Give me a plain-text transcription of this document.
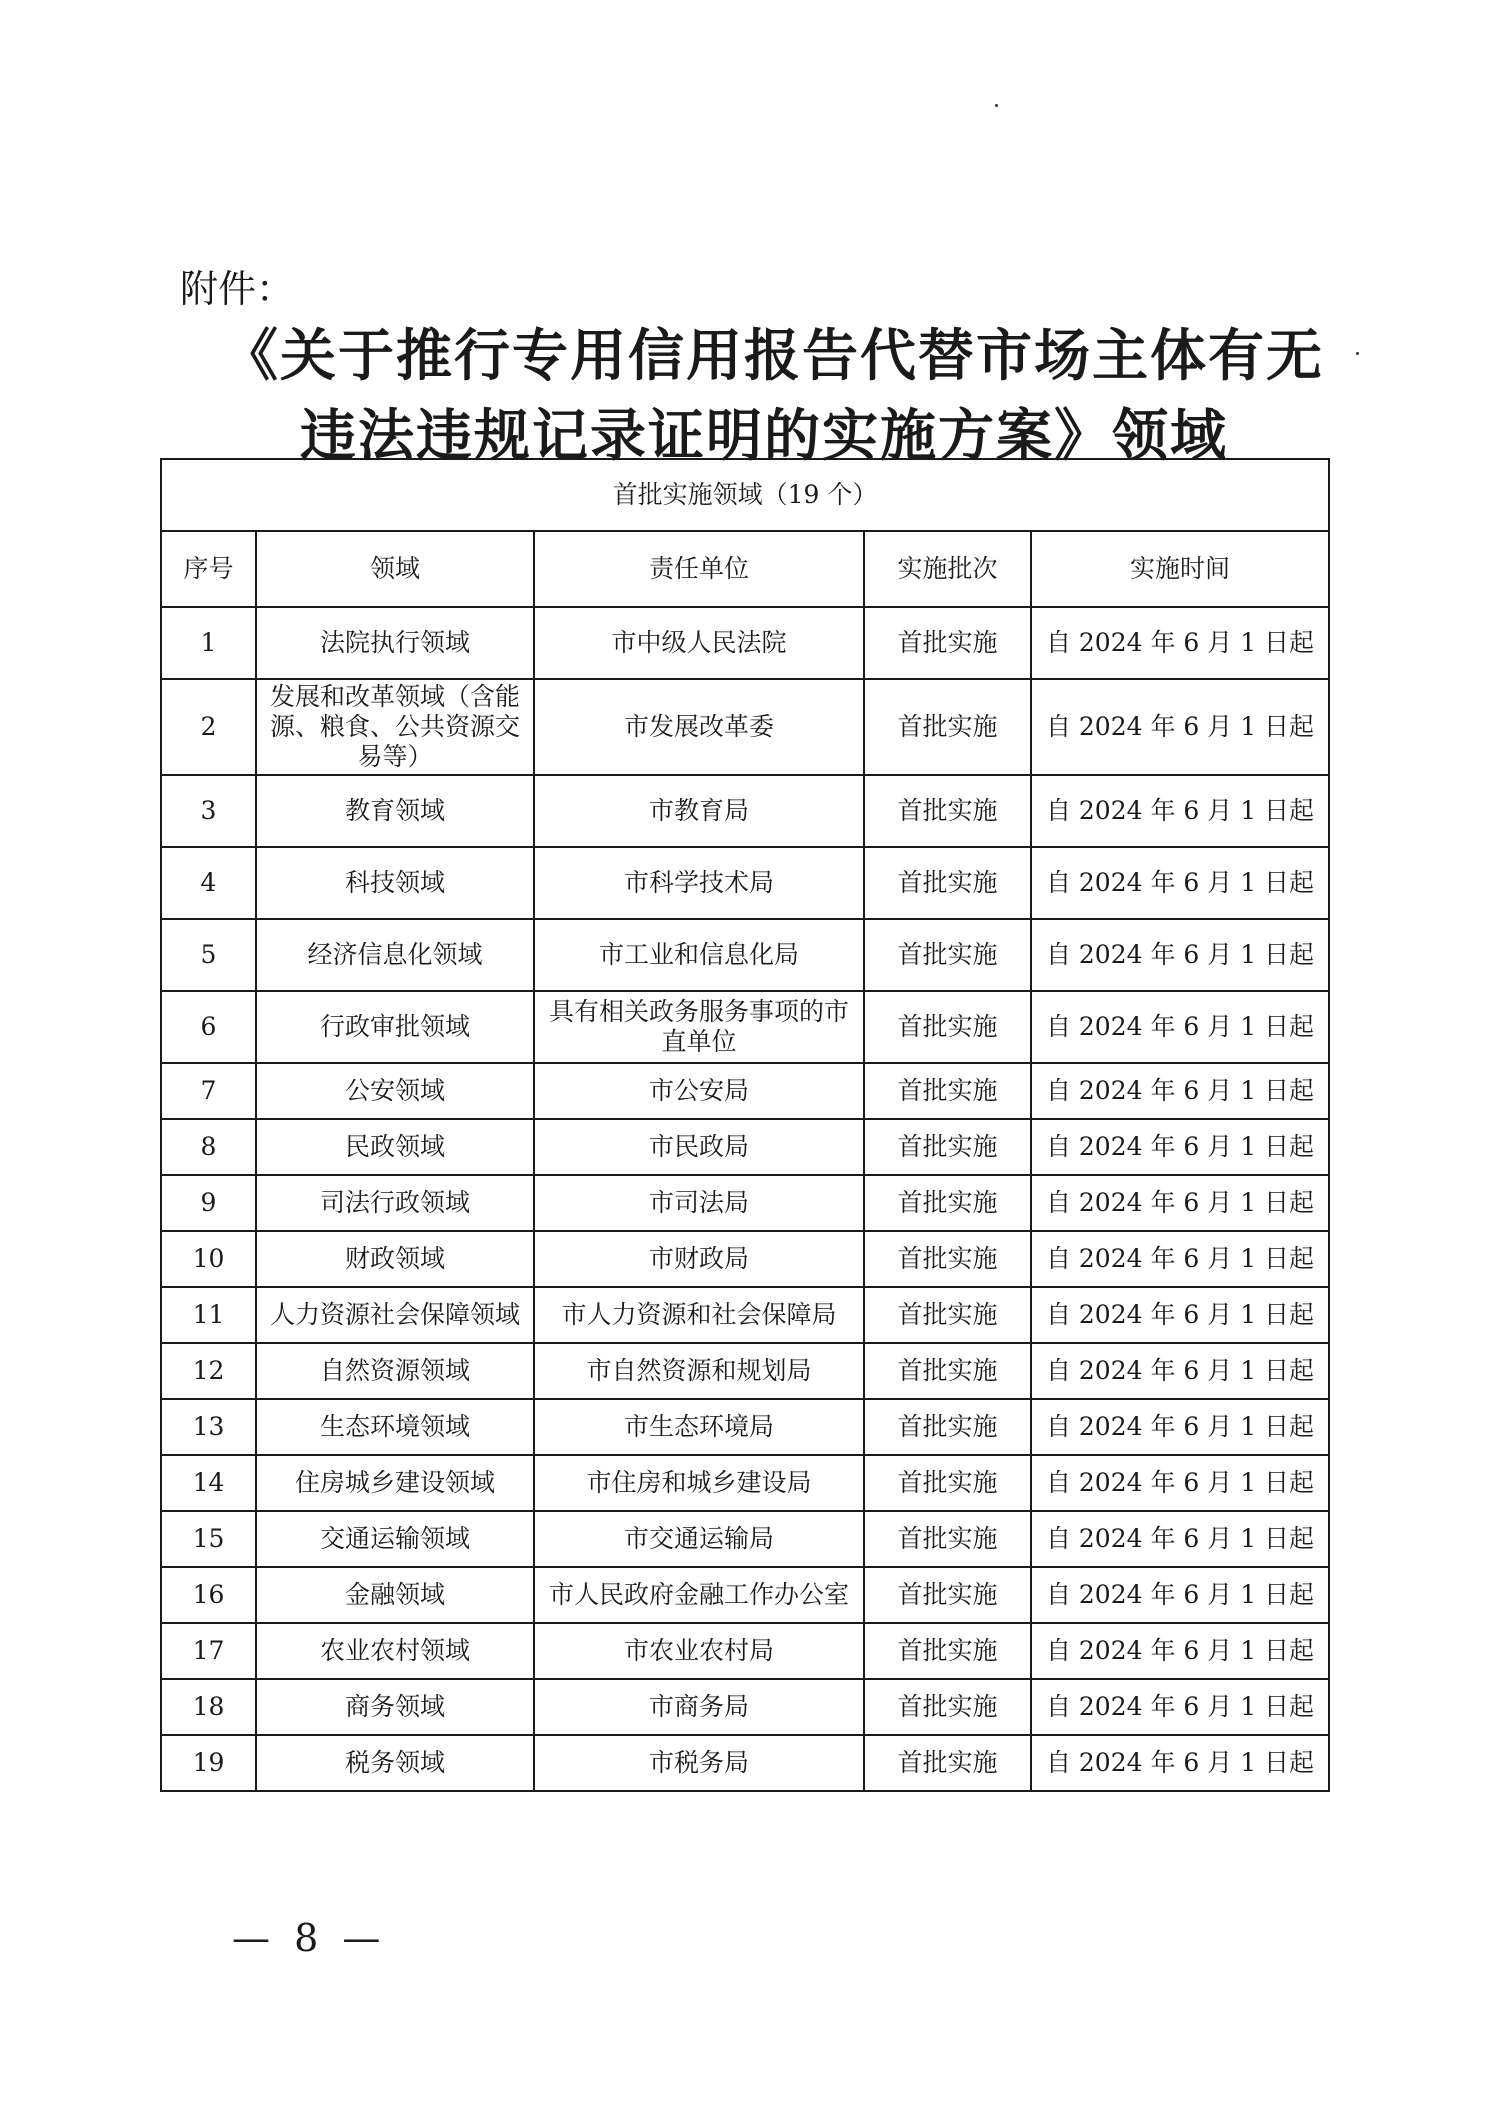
附件：
《关于推行专用信用报告代替市场主体有无
违法违规记录证明的实施方案》领域
首批实施领域（19 个）				
序号	领域	责任单位	实施批次	实施时间
1	法院执行领域	市中级人民法院	首批实施	自 2024 年 6 月 1 日起
2	发展和改革领域（含能源、粮食、公共资源交易等）	市发展改革委	首批实施	自 2024 年 6 月 1 日起
3	教育领域	市教育局	首批实施	自 2024 年 6 月 1 日起
4	科技领域	市科学技术局	首批实施	自 2024 年 6 月 1 日起
5	经济信息化领域	市工业和信息化局	首批实施	自 2024 年 6 月 1 日起
6	行政审批领域	具有相关政务服务事项的市直单位	首批实施	自 2024 年 6 月 1 日起
7	公安领域	市公安局	首批实施	自 2024 年 6 月 1 日起
8	民政领域	市民政局	首批实施	自 2024 年 6 月 1 日起
9	司法行政领域	市司法局	首批实施	自 2024 年 6 月 1 日起
10	财政领域	市财政局	首批实施	自 2024 年 6 月 1 日起
11	人力资源社会保障领域	市人力资源和社会保障局	首批实施	自 2024 年 6 月 1 日起
12	自然资源领域	市自然资源和规划局	首批实施	自 2024 年 6 月 1 日起
13	生态环境领域	市生态环境局	首批实施	自 2024 年 6 月 1 日起
14	住房城乡建设领域	市住房和城乡建设局	首批实施	自 2024 年 6 月 1 日起
15	交通运输领域	市交通运输局	首批实施	自 2024 年 6 月 1 日起
16	金融领域	市人民政府金融工作办公室	首批实施	自 2024 年 6 月 1 日起
17	农业农村领域	市农业农村局	首批实施	自 2024 年 6 月 1 日起
18	商务领域	市商务局	首批实施	自 2024 年 6 月 1 日起
19	税务领域	市税务局	首批实施	自 2024 年 6 月 1 日起
— 8 —
